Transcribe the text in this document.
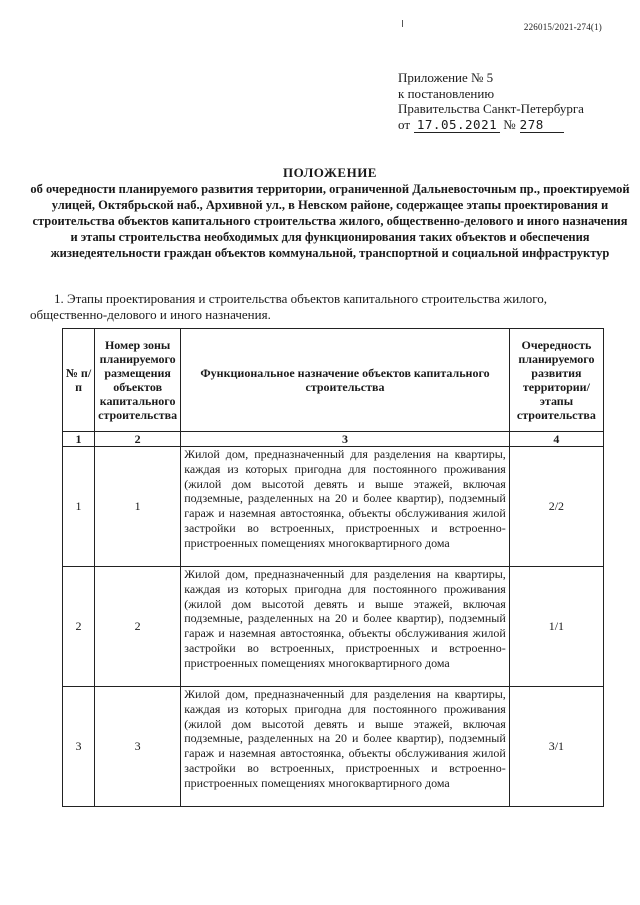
226015/2021-274(1)
Приложение № 5
к постановлению
Правительства Санкт-Петербурга
от 17.05.2021 № 278
ПОЛОЖЕНИЕ
об очередности планируемого развития территории, ограниченной Дальневосточным пр., проектируемой улицей, Октябрьской наб., Архивной ул., в Невском районе, содержащее этапы проектирования и строительства объектов капитального строительства жилого, общественно-делового и иного назначения и этапы строительства необходимых для функционирования таких объектов и обеспечения жизнедеятельности граждан объектов коммунальной, транспортной и социальной инфраструктур
1. Этапы проектирования и строительства объектов капитального строительства жилого, общественно-делового и иного назначения.
№ п/п	Номер зоны планируемого размещения объектов капитального строительства	Функциональное назначение объектов капитального строительства	Очередность планируемого развития территории/ этапы строительства
1	2	3	4
1	1	Жилой дом, предназначенный для разделения на квартиры, каждая из которых пригодна для постоянного проживания (жилой дом высотой девять и выше этажей, включая подземные, разделенных на 20 и более квартир), подземный гараж и наземная автостоянка, объекты обслуживания жилой застройки во встроенных, пристроенных и встроенно-пристроенных помещениях многоквартирного дома	2/2
2	2	Жилой дом, предназначенный для разделения на квартиры, каждая из которых пригодна для постоянного проживания (жилой дом высотой девять и выше этажей, включая подземные, разделенных на 20 и более квартир), подземный гараж и наземная автостоянка, объекты обслуживания жилой застройки во встроенных, пристроенных и встроенно-пристроенных помещениях многоквартирного дома	1/1
3	3	Жилой дом, предназначенный для разделения на квартиры, каждая из которых пригодна для постоянного проживания (жилой дом высотой девять и выше этажей, включая подземные, разделенных на 20 и более квартир), подземный гараж и наземная автостоянка, объекты обслуживания жилой застройки во встроенных, пристроенных и встроенно-пристроенных помещениях многоквартирного дома	3/1
